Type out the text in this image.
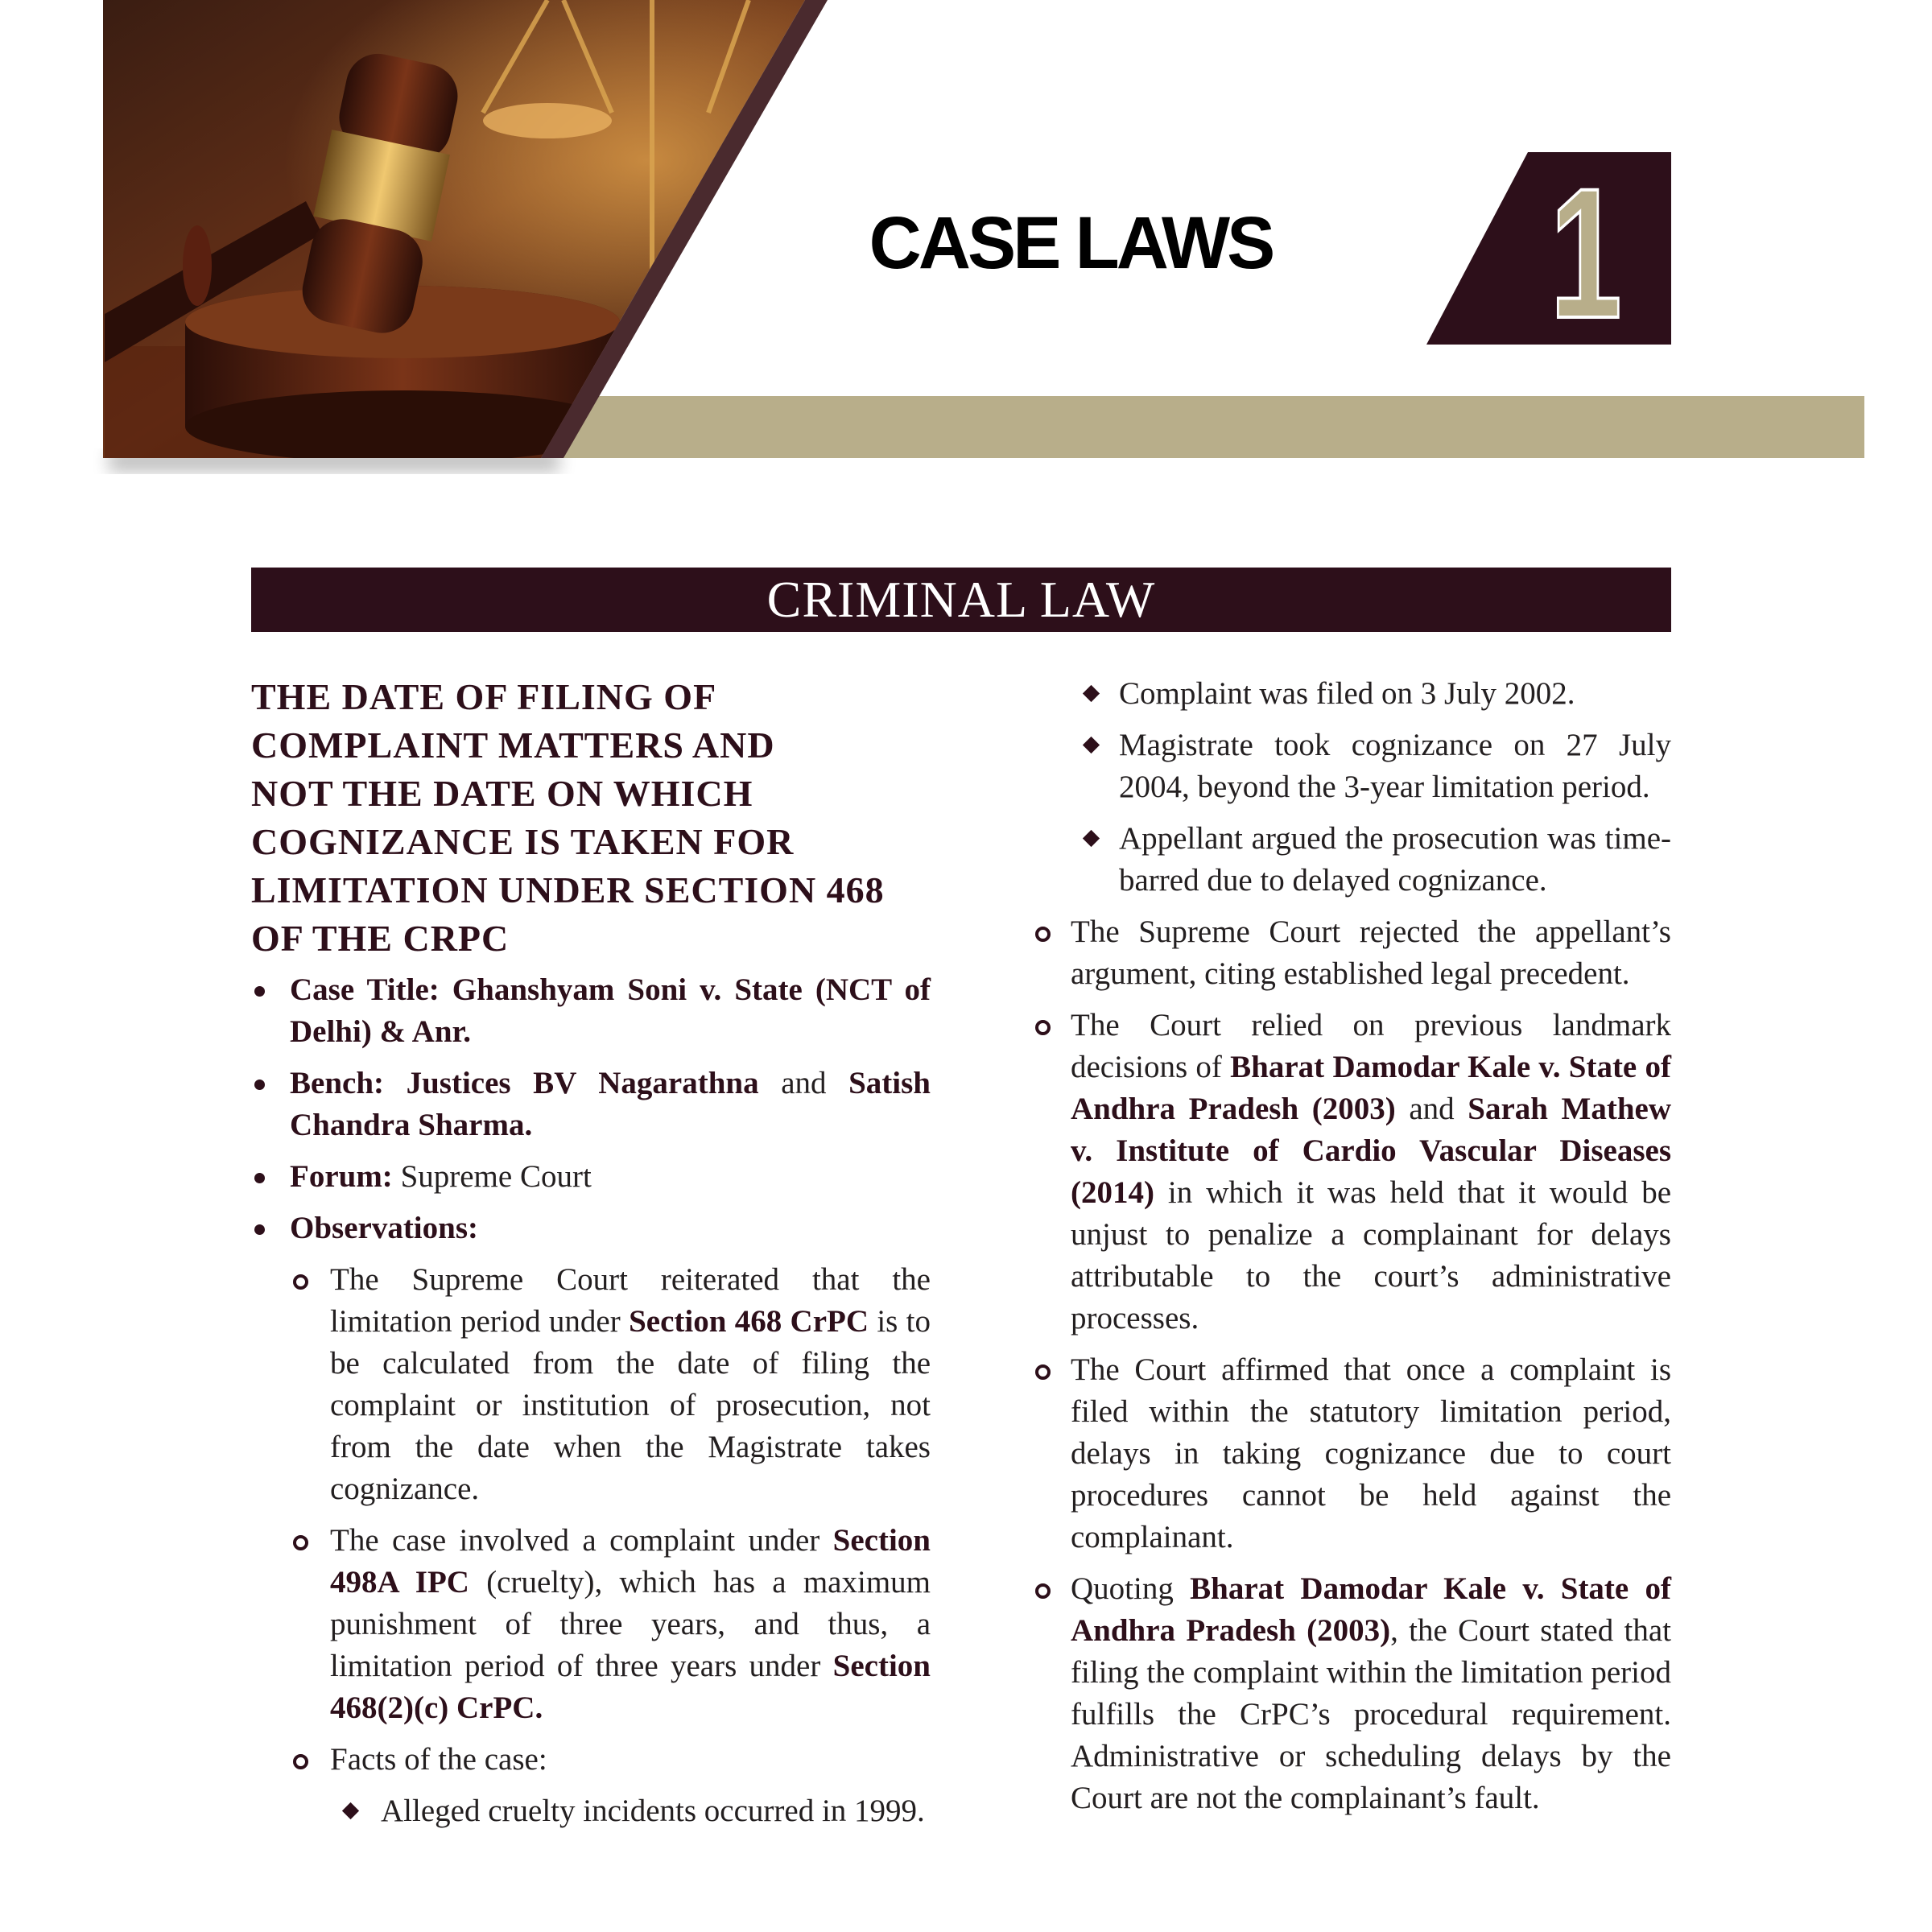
CASE LAWS 1
CRIMINAL LAW
THE DATE OF FILING OF
COMPLAINT MATTERS AND
NOT THE DATE ON WHICH
COGNIZANCE IS TAKEN FOR
LIMITATION UNDER SECTION 468
OF THE CRPC
Case Title: Ghanshyam Soni v. State (NCT of Delhi) & Anr.
Bench: Justices BV Nagarathna and Satish Chandra Sharma.
Forum: Supreme Court
Observations:
The Supreme Court reiterated that the limitation period under Section 468 CrPC is to be calculated from the date of filing the complaint or institution of prosecution, not from the date when the Magistrate takes cognizance.
The case involved a complaint under Section 498A IPC (cruelty), which has a maximum punishment of three years, and thus, a limitation period of three years under Section 468(2)(c) CrPC.
Facts of the case:
Alleged cruelty incidents occurred in 1999.
Complaint was filed on 3 July 2002.
Magistrate took cognizance on 27 July 2004, beyond the 3-year limitation period.
Appellant argued the prosecution was time-barred due to delayed cognizance.
The Supreme Court rejected the appellant’s argument, citing established legal precedent.
The Court relied on previous landmark decisions of Bharat Damodar Kale v. State of Andhra Pradesh (2003) and Sarah Mathew v. Institute of Cardio Vascular Diseases (2014) in which it was held that it would be unjust to penalize a complainant for delays attributable to the court’s administrative processes.
The Court affirmed that once a complaint is filed within the statutory limitation period, delays in taking cognizance due to court procedures cannot be held against the complainant.
Quoting Bharat Damodar Kale v. State of Andhra Pradesh (2003), the Court stated that filing the complaint within the limitation period fulfills the CrPC’s procedural requirement. Administrative or scheduling delays by the Court are not the complainant’s fault.
